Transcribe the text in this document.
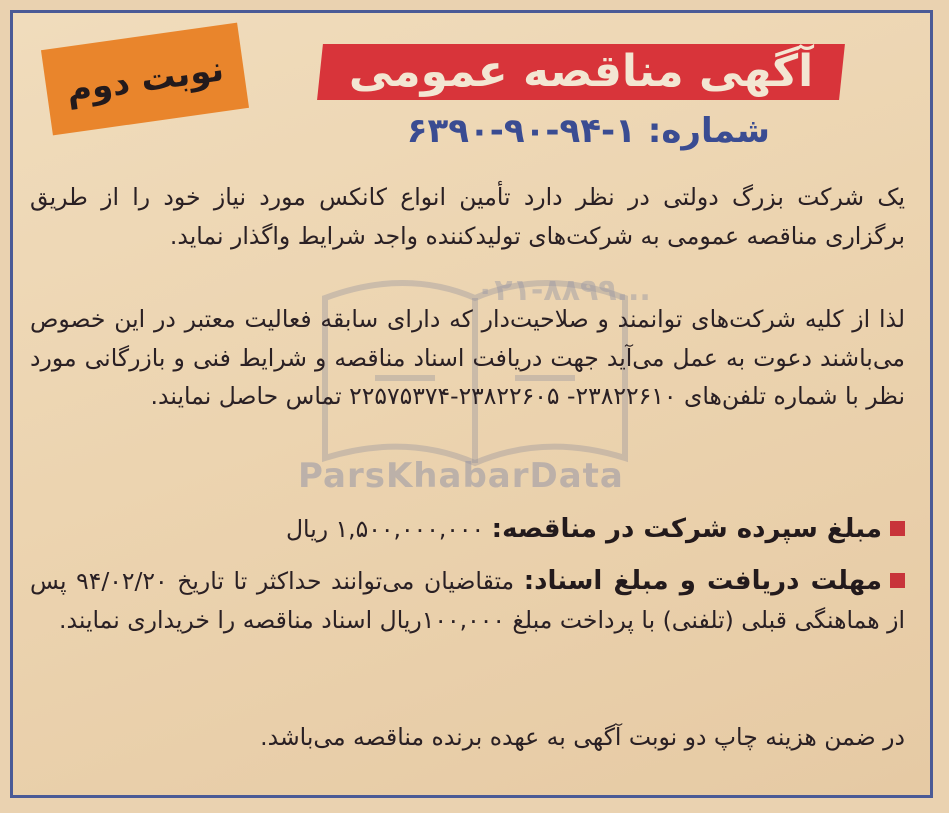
آگهی مناقصه عمومی
نوبت دوم
شماره: ۱-۹۴-۹۰-۶۳۹۰
۰۲۱-۸۸۹۹...
ParsKhabarData
یک شرکت بزرگ دولتی در نظر دارد تأمین انواع کانکس مورد نیاز خود را از طریق برگزاری مناقصه عمومی به شرکت‌های تولیدکننده واجد شرایط واگذار نماید.
لذا از کلیه شرکت‌های توانمند و صلاحیت‌دار که دارای سابقه فعالیت معتبر در این خصوص می‌باشند دعوت به عمل می‌آید جهت دریافت اسناد مناقصه و شرایط فنی و بازرگانی مورد نظر با شماره تلفن‌های ۲۳۸۲۲۶۱۰- ۲۳۸۲۲۶۰۵-۲۲۵۷۵۳۷۴ تماس حاصل نمایند.
مبلغ سپرده شرکت در مناقصه: ۱,۵۰۰,۰۰۰,۰۰۰ ریال
مهلت دریافت و مبلغ اسناد: متقاضیان می‌توانند حداکثر تا تاریخ ۹۴/۰۲/۲۰ پس از هماهنگی قبلی (تلفنی) با پرداخت مبلغ ۱۰۰,۰۰۰ریال اسناد مناقصه را خریداری نمایند.
در ضمن هزینه چاپ دو نوبت آگهی به عهده برنده مناقصه می‌باشد.
